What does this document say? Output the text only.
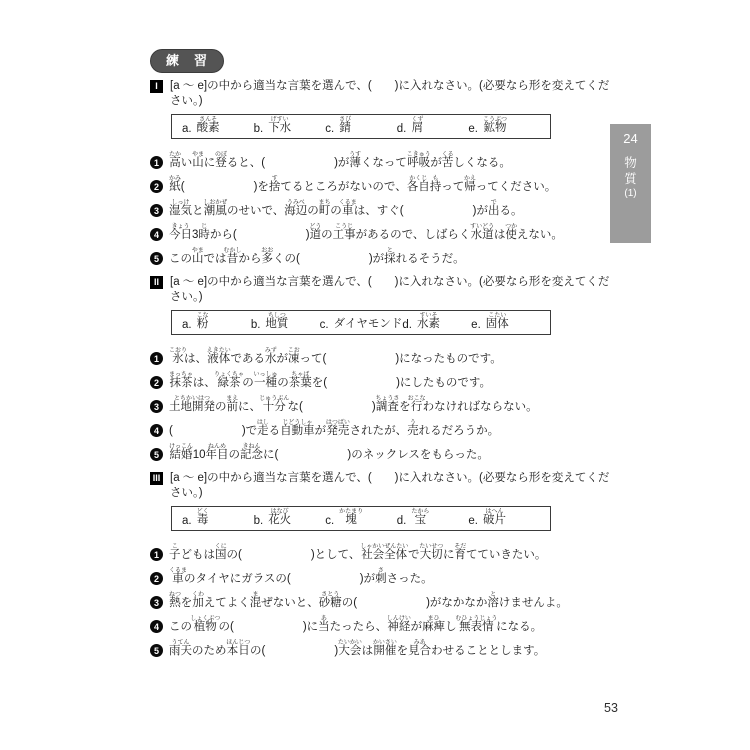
練　習
I	[a ～ e]の中から適当な言葉を選んで、(　　)に入れなさい。(必要なら形を変えてくだ
さい。)
a. 酸素さんそ
b. 下水げすい
c. 錆さび
d. 屑くず
e. 鉱物こうぶつ
1 高たかい山やまに登のぼると、(　　　　　　)が薄うすくなって呼吸こきゅうが苦くるしくなる。
2 紙かみ(　　　　　　)を捨すてるところがないので、各自かくじ持もって帰かえってください。
3 湿気しっけと潮風しおかぜのせいで、海辺うみべの町まちの車くるまは、すぐ(　　　　　　)が出でる。
4 今日きょう3時じから(　　　　　　)道どうの工事こうじがあるので、しばらく水道すいどうは使つかえない。
5 この山やまでは昔むかしから多おおくの(　　　　　　)が採とれるそうだ。
II [a ～ e]の中から適当な言葉を選んで、(　　)に入れなさい。(必要なら形を変えてくだ
さい。)
a. 粉こな
b. 地質ちしつ
c. ダイヤモンド d. 水素すいそ
e. 固体こたい
1 氷こおりは、液体えきたいである水みずが凍こおって(　　　　　　)になったものです。
2 抹茶まっちゃは、緑茶りょくちゃの一種いっしゅの茶葉ちゃばを(　　　　　　)にしたものです。
3 土地開発とちかいはつの前まえに、十分じゅうぶんな(　　　　　　)調査ちょうさを行おこなわなければならない。
4 (　　　　　　)で走はしる自動車じどうしゃが発売はつばいされたが、売うれるだろうか。
5 結婚けっこん10年目ねんめの記念きねんに(　　　　　　)のネックレスをもらった。
III [a ～ e]の中から適当な言葉を選んで、(　　)に入れなさい。(必要なら形を変えてくだ
さい。)
a. 毒どく
b. 花火はなび
c. 塊かたまり
d. 宝たから
e. 破片はへん
1 子こどもは国くにの(　　　　　　)として、社会全体しゃかいぜんたいで大切たいせつに育そだてていきたい。
2 車くるまのタイヤにガラスの(　　　　　　)が刺ささった。
3 熱ねつを加くわえてよく混まぜないと、砂糖さとうの(　　　　　　)がなかなか溶とけませんよ。
4 この植物しょくぶつの(　　　　　　)に当あたったら、神経しんけいが麻痺まひし無表情むひょうじょうになる。
5 雨天うてんのため本日ほんじつの(　　　　　　)大会たいかいは開催かいさいを見合みあわせることとします。
24
物質
(1)
53
